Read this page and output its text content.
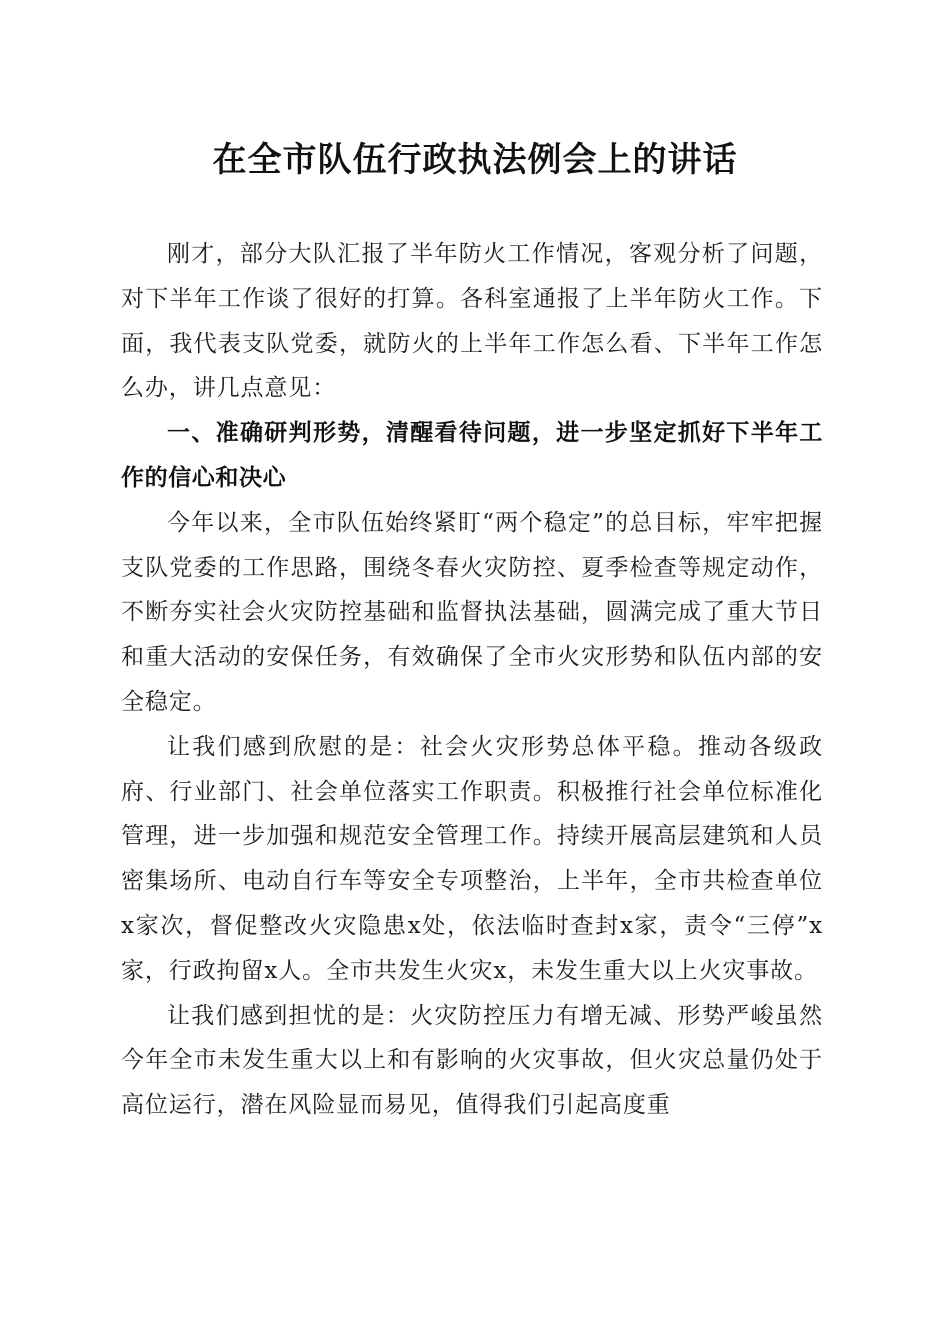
在全市队伍行政执法例会上的讲话

刚才，部分大队汇报了半年防火工作情况，客观分析了问题，对下半年工作谈了很好的打算。各科室通报了上半年防火工作。下面，我代表支队党委，就防火的上半年工作怎么看、下半年工作怎么办，讲几点意见：

一、准确研判形势，清醒看待问题，进一步坚定抓好下半年工作的信心和决心

今年以来，全市队伍始终紧盯“两个稳定”的总目标，牢牢把握支队党委的工作思路，围绕冬春火灾防控、夏季检查等规定动作，不断夯实社会火灾防控基础和监督执法基础，圆满完成了重大节日和重大活动的安保任务，有效确保了全市火灾形势和队伍内部的安全稳定。

让我们感到欣慰的是：社会火灾形势总体平稳。推动各级政府、行业部门、社会单位落实工作职责。积极推行社会单位标准化管理，进一步加强和规范安全管理工作。持续开展高层建筑和人员密集场所、电动自行车等安全专项整治，上半年，全市共检查单位x家次，督促整改火灾隐患x处，依法临时查封x家，责令“三停”x家，行政拘留x人。全市共发生火灾x，未发生重大以上火灾事故。

让我们感到担忧的是：火灾防控压力有增无减、形势严峻虽然今年全市未发生重大以上和有影响的火灾事故，但火灾总量仍处于高位运行，潜在风险显而易见，值得我们引起高度重
